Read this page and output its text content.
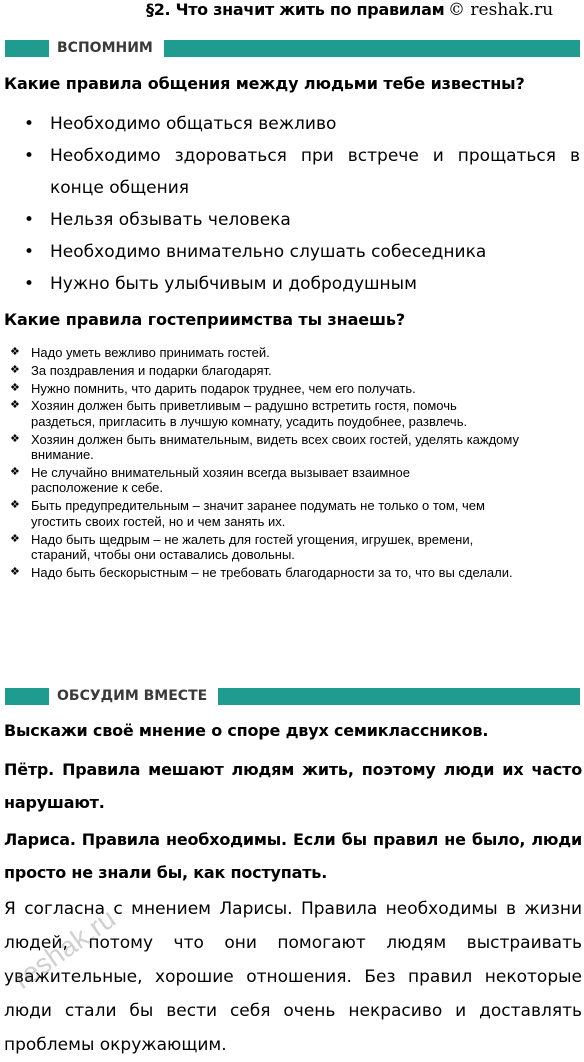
§2. Что значит жить по правилам © reshak.ru
ВСПОМНИМ
Какие правила общения между людьми тебе известны?
• Необходимо общаться вежливо
• Необходимо здороваться при встрече и прощаться в конце общения
• Нельзя обзывать человека
• Необходимо внимательно слушать собеседника
• Нужно быть улыбчивым и добродушным
Какие правила гостеприимства ты знаешь?
❖ Надо уметь вежливо принимать гостей.
❖ За поздравления и подарки благодарят.
❖ Нужно помнить, что дарить подарок труднее, чем его получать.
❖ Хозяин должен быть приветливым – радушно встретить гостя, помочь раздеться, пригласить в лучшую комнату, усадить поудобнее, развлечь.
❖ Хозяин должен быть внимательным, видеть всех своих гостей, уделять каждому внимание.
❖ Не случайно внимательный хозяин всегда вызывает взаимное расположение к себе.
❖ Быть предупредительным – значит заранее подумать не только о том, чем угостить своих гостей, но и чем занять их.
❖ Надо быть щедрым – не жалеть для гостей угощения, игрушек, времени, стараний, чтобы они оставались довольны.
❖ Надо быть бескорыстным – не требовать благодарности за то, что вы сделали.
ОБСУДИМ ВМЕСТЕ
Выскажи своё мнение о споре двух семиклассников.
Пётр. Правила мешают людям жить, поэтому люди их часто нарушают.
Лариса. Правила необходимы. Если бы правил не было, люди просто не знали бы, как поступать.
Я согласна с мнением Ларисы. Правила необходимы в жизни людей, потому что они помогают людям выстраивать уважительные, хорошие отношения. Без правил некоторые люди стали бы вести себя очень некрасиво и доставлять проблемы окружающим.
reshak.ru
